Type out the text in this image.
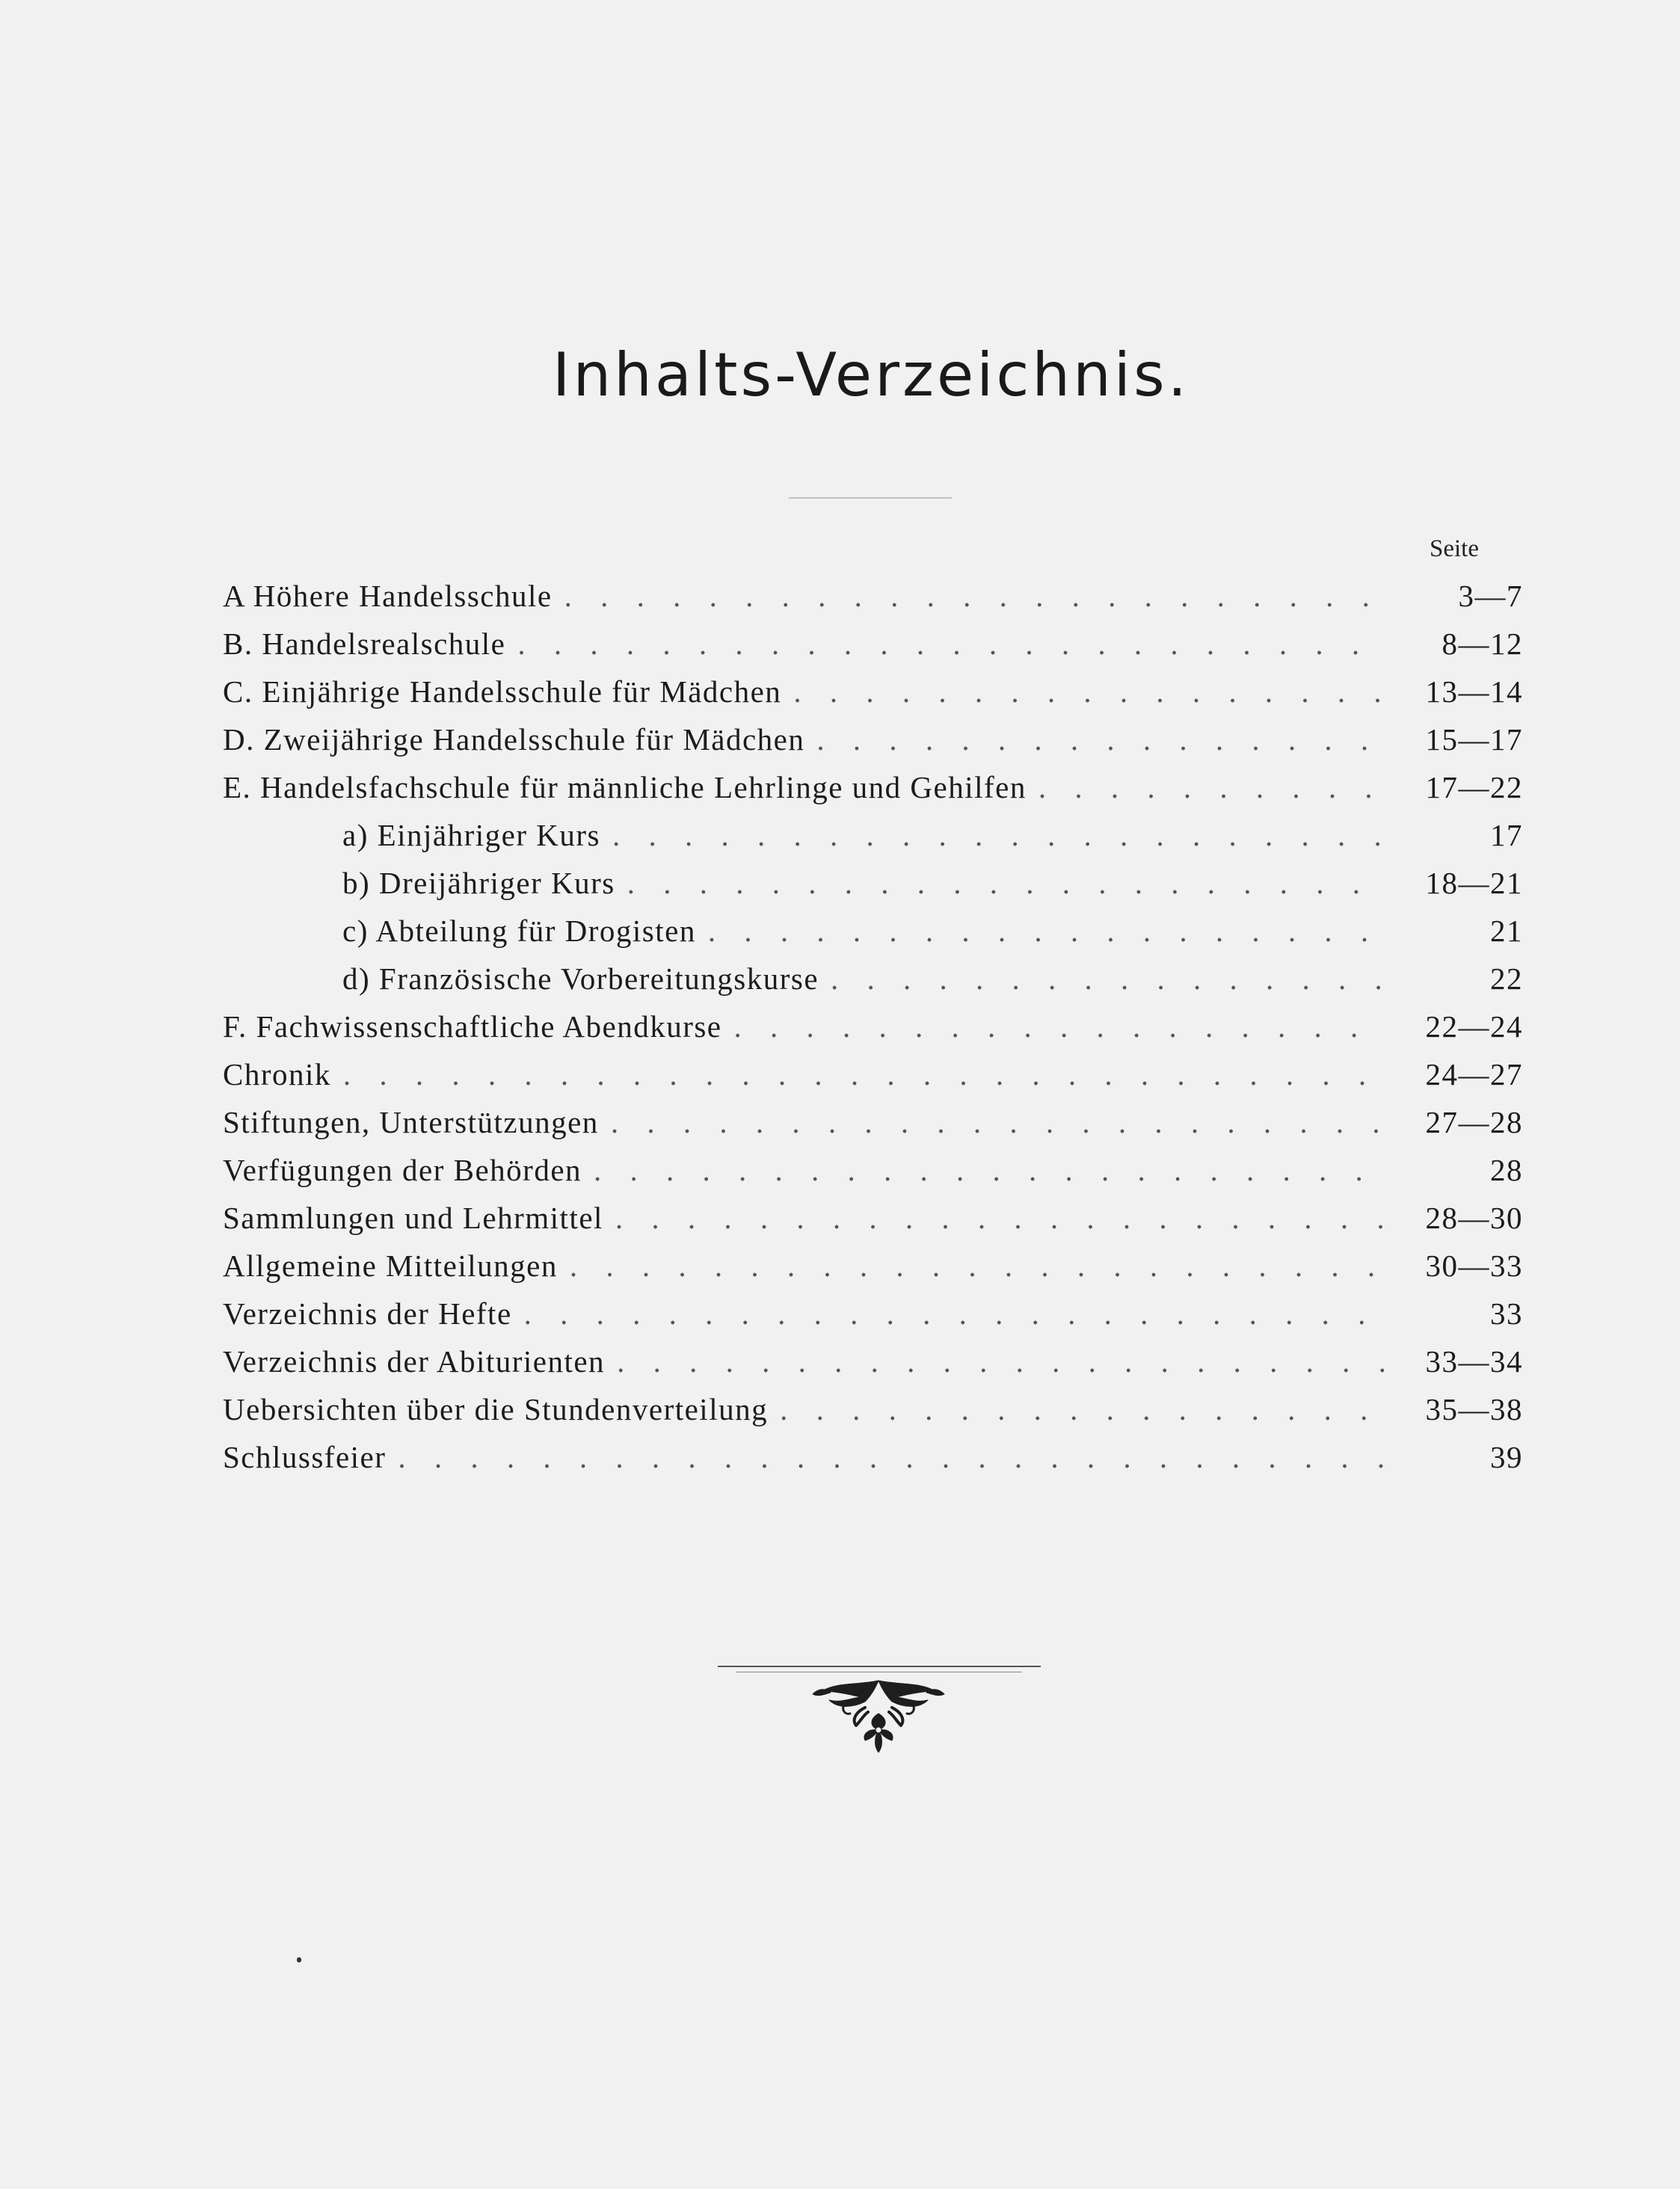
Inhalts-Verzeichnis.
Seite
A Höhere Handelsschule . . .	3—7
B. Handelsrealschule . . .	8—12
C. Einjährige Handelsschule für Mädchen . . .	13—14
D. Zweijährige Handelsschule für Mädchen . . .	15—17
E. Handelsfachschule für männliche Lehrlinge und Gehilfen . . .	17—22
a) Einjähriger Kurs . . .	17
b) Dreijähriger Kurs . . .	18—21
c) Abteilung für Drogisten . . .	21
d) Französische Vorbereitungskurse . . .	22
F. Fachwissenschaftliche Abendkurse . . .	22—24
Chronik . . .	24—27
Stiftungen, Unterstützungen . . .	27—28
Verfügungen der Behörden . . .	28
Sammlungen und Lehrmittel . . .	28—30
Allgemeine Mitteilungen . . .	30—33
Verzeichnis der Hefte . . .	33
Verzeichnis der Abiturienten . . .	33—34
Uebersichten über die Stundenverteilung . . .	35—38
Schlussfeier . . .	39
